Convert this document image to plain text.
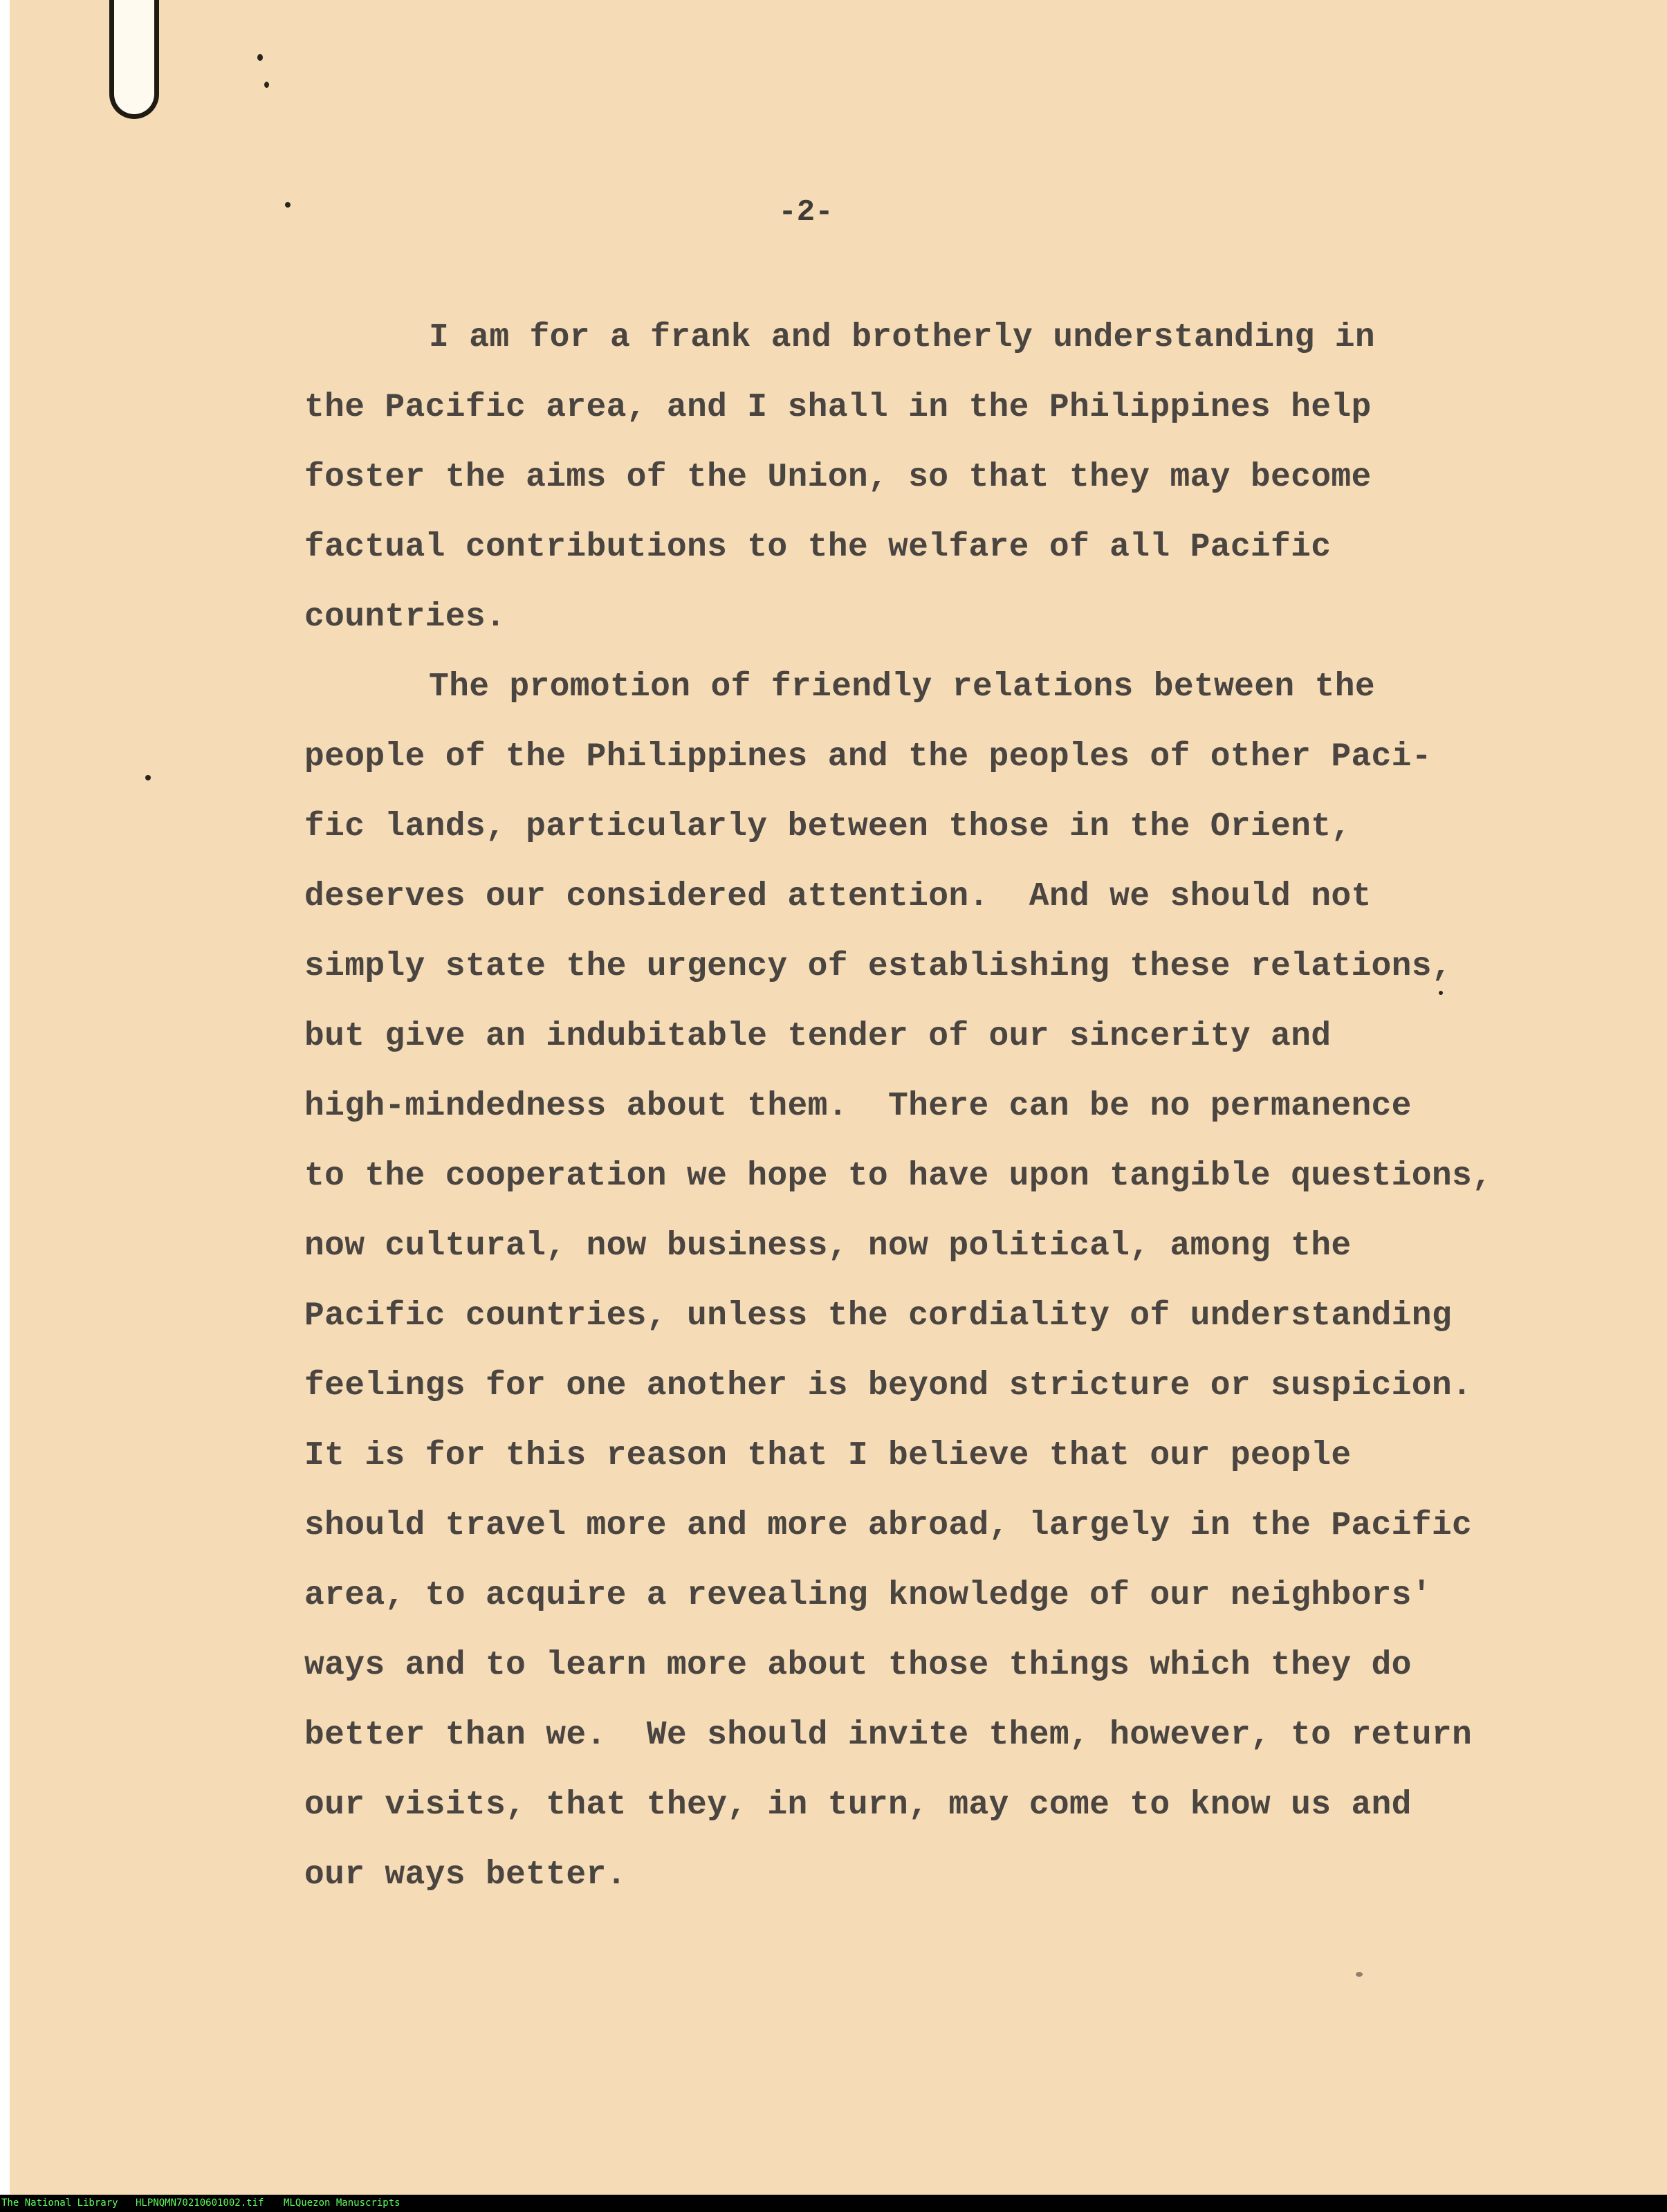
-2-
I am for a frank and brotherly understanding in
the Pacific area, and I shall in the Philippines help
foster the aims of the Union, so that they may become
factual contributions to the welfare of all Pacific
countries.
The promotion of friendly relations between the
people of the Philippines and the peoples of other Paci-
fic lands, particularly between those in the Orient,
deserves our considered attention.  And we should not
simply state the urgency of establishing these relations,
but give an indubitable tender of our sincerity and
high-mindedness about them.  There can be no permanence
to the cooperation we hope to have upon tangible questions,
now cultural, now business, now political, among the
Pacific countries, unless the cordiality of understanding
feelings for one another is beyond stricture or suspicion.
It is for this reason that I believe that our people
should travel more and more abroad, largely in the Pacific
area, to acquire a revealing knowledge of our neighbors'
ways and to learn more about those things which they do
better than we.  We should invite them, however, to return
our visits, that they, in turn, may come to know us and
our ways better.
The National Library HLPNQMN70210601002.tif MLQuezon Manuscripts
